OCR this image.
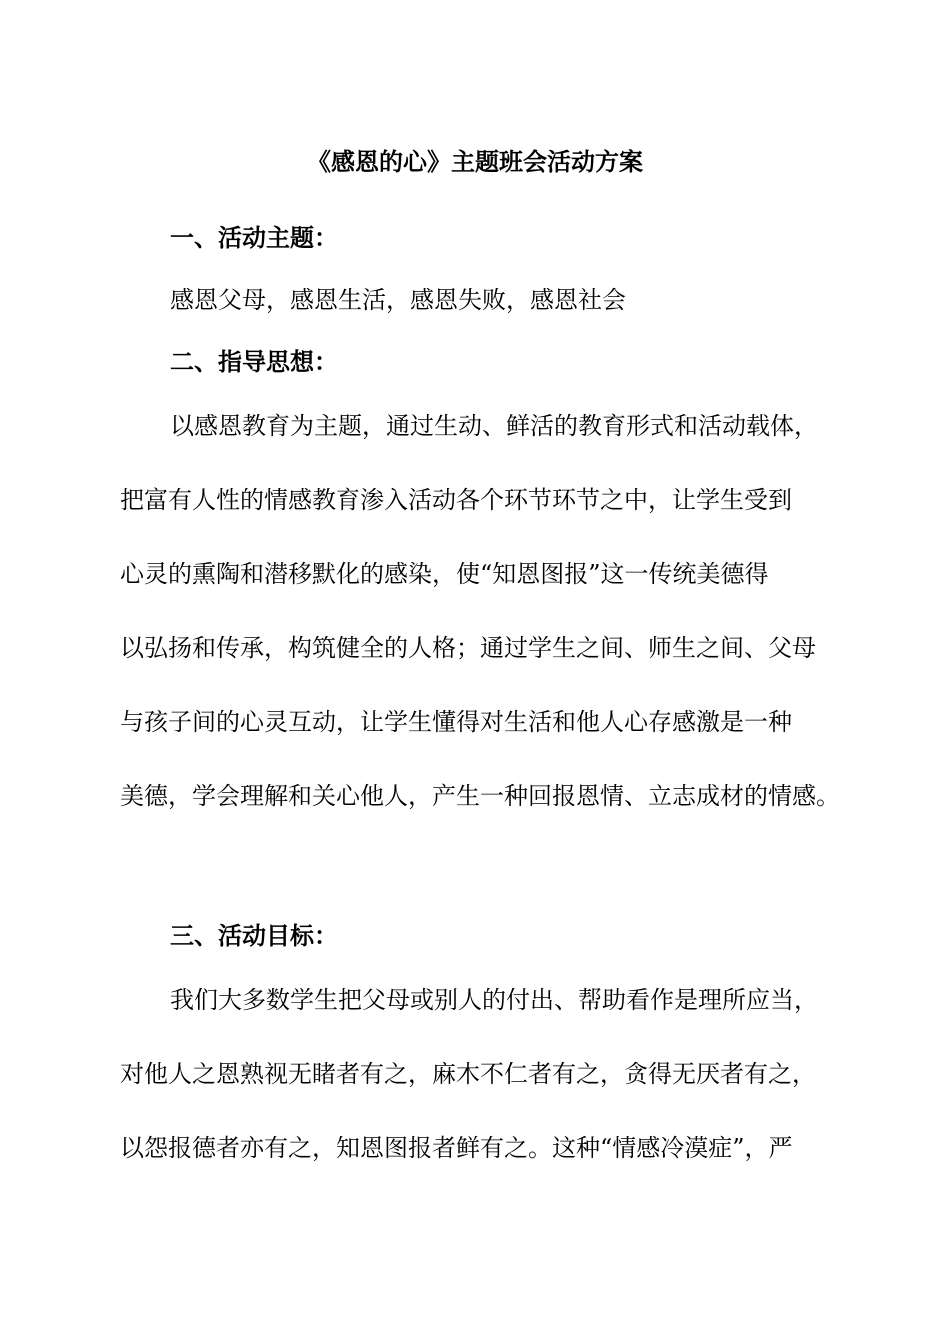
《感恩的心》主题班会活动方案
一、活动主题：
感恩父母，感恩生活，感恩失败，感恩社会
二、指导思想：
以感恩教育为主题，通过生动、鲜活的教育形式和活动载体，
把富有人性的情感教育渗入活动各个环节环节之中，让学生受到
心灵的熏陶和潜移默化的感染，使“知恩图报”这一传统美德得
以弘扬和传承，构筑健全的人格；通过学生之间、师生之间、父母
与孩子间的心灵互动，让学生懂得对生活和他人心存感激是一种
美德，学会理解和关心他人，产生一种回报恩情、立志成材的情感。
三、活动目标：
我们大多数学生把父母或别人的付出、帮助看作是理所应当，
对他人之恩熟视无睹者有之，麻木不仁者有之，贪得无厌者有之，
以怨报德者亦有之，知恩图报者鲜有之。这种“情感冷漠症”，严
